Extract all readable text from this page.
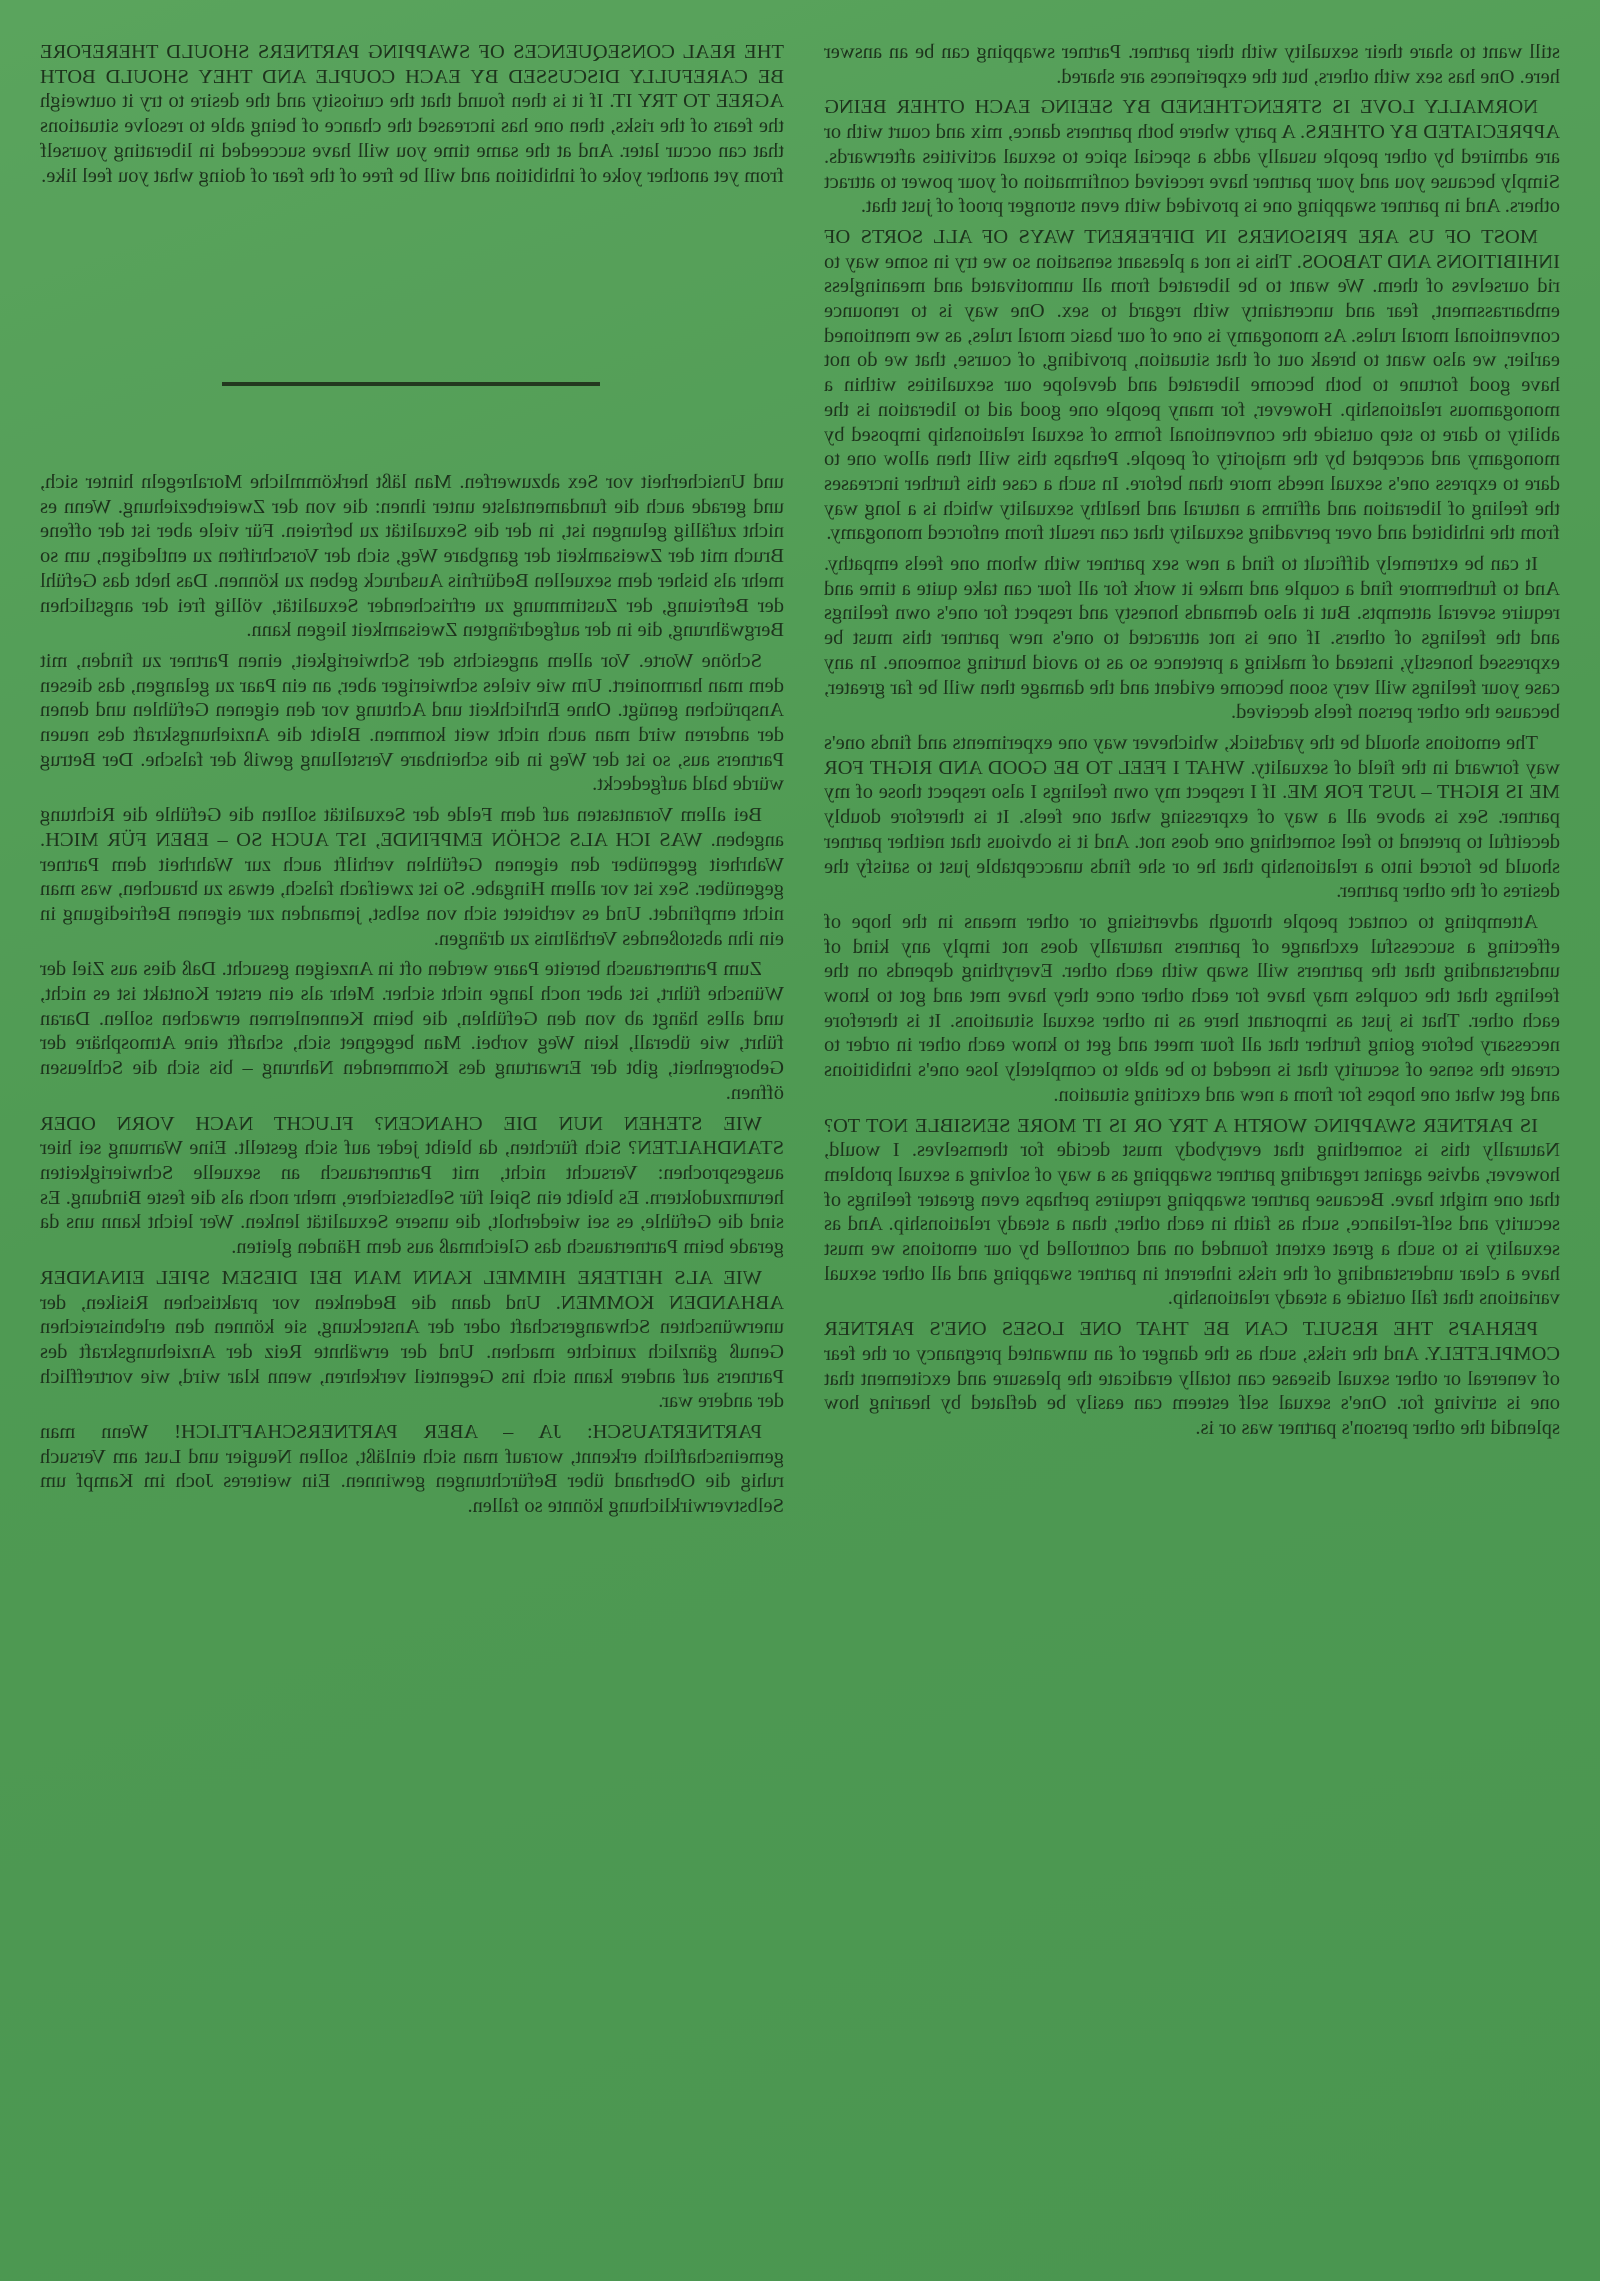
still want to share their sexuality with their partner. Partner swapping can be an answer here. One has sex with others, but the experiences are shared.

NORMALLY LOVE IS STRENGTHENED BY SEEING EACH OTHER BEING APPRECIATED BY OTHERS. A party where both partners dance, mix and court with or are admired by other people usually adds a special spice to sexual activities afterwards. Simply because you and your partner have received confirmation of your power to attract others. And in partner swapping one is provided with even stronger proof of just that.

MOST OF US ARE PRISONERS IN DIFFERENT WAYS OF ALL SORTS OF INHIBITIONS AND TABOOS. This is not a pleasant sensation so we try in some way to rid ourselves of them. We want to be liberated from all unmotivated and meaningless embarrassment, fear and uncertainty with regard to sex. One way is to renounce conventional moral rules. As monogamy is one of our basic moral rules, as we mentioned earlier, we also want to break out of that situation, providing, of course, that we do not have good fortune to both become liberated and develope our sexualities within a monogamous relationship. However, for many people one good aid to liberation is the ability to dare to step outside the conventional forms of sexual relationship imposed by monogamy and accepted by the majority of people. Perhaps this will then allow one to dare to express one's sexual needs more than before. In such a case this further increases the feeling of liberation and affirms a natural and healthy sexuality which is a long way from the inhibited and over pervading sexuality that can result from enforced monogamy.

It can be extremely difficult to find a new sex partner with whom one feels empathy. And to furthermore find a couple and make it work for all four can take quite a time and require several attempts. But it also demands honesty and respect for one's own feelings and the feelings of others. If one is not attracted to one's new partner this must be expressed honestly, instead of making a pretence so as to avoid hurting someone. In any case your feelings will very soon become evident and the damage then will be far greater, because the other person feels deceived.

The emotions should be the yardstick, whichever way one experiments and finds one's way forward in the field of sexuality. WHAT I FEEL TO BE GOOD AND RIGHT FOR ME IS RIGHT – JUST FOR ME. If I respect my own feelings I also respect those of my partner. Sex is above all a way of expressing what one feels. It is therefore doubly deceitful to pretend to feel something one does not. And it is obvious that neither partner should be forced into a relationship that he or she finds unacceptable just to satisfy the desires of the other partner.

Attempting to contact people through advertising or other means in the hope of effecting a successful exchange of partners naturally does not imply any kind of understanding that the partners will swap with each other. Everything depends on the feelings that the couples may have for each other once they have met and got to know each other. That is just as important here as in other sexual situations. It is therefore necessary before going further that all four meet and get to know each other in order to create the sense of security that is needed to be able to completely lose one's inhibitions and get what one hopes for from a new and exciting situation.

IS PARTNER SWAPPING WORTH A TRY OR IS IT MORE SENSIBLE NOT TO? Naturally this is something that everybody must decide for themselves. I would, however, advise against regarding partner swapping as a way of solving a sexual problem that one might have. Because partner swapping requires perhaps even greater feelings of security and self-reliance, such as faith in each other, than a steady relationship. And as sexuality is to such a great extent founded on and controlled by our emotions we must have a clear understanding of the risks inherent in partner swapping and all other sexual variations that fall outside a steady relationship.

PERHAPS THE RESULT CAN BE THAT ONE LOSES ONE'S PARTNER COMPLETELY. And the risks, such as the danger of an unwanted pregnancy or the fear of venereal or other sexual disease can totally eradicate the pleasure and excitement that one is striving for. One's sexual self esteem can easily be deflated by hearing how splendid the other person's partner was or is.

THE REAL CONSEQUENCES OF SWAPPING PARTNERS SHOULD THEREFORE BE CAREFULLY DISCUSSED BY EACH COUPLE AND THEY SHOULD BOTH AGREE TO TRY IT. If it is then found that the curiosity and the desire to try it outweigh the fears of the risks, then one has increased the chance of being able to resolve situations that can occur later. And at the same time you will have succeeded in liberating yourself from yet another yoke of inhibition and will be free of the fear of doing what you feel like.

und Unsicherheit vor Sex abzuwerfen. Man läßt herkömmliche Moralregeln hinter sich, und gerade auch die fundamentalste unter ihnen: die von der Zweierbeziehung. Wenn es nicht zufällig gelungen ist, in der die Sexualität zu befreien. Für viele aber ist der offene Bruch mit der Zweisamkeit der gangbare Weg, sich der Vorschriften zu entledigen, um so mehr als bisher dem sexuellen Bedürfnis Ausdruck geben zu können. Das hebt das Gefühl der Befreiung, der Zustimmung zu erfrischender Sexualität, völlig frei der angstlichen Bergwährung, die in der aufgedrängten Zweisamkeit liegen kann.

Schöne Worte. Vor allem angesichts der Schwierigkeit, einen Partner zu finden, mit dem man harmoniert. Um wie vieles schwieriger aber, an ein Paar zu gelangen, das diesen Ansprüchen genügt. Ohne Ehrlichkeit und Achtung vor den eigenen Gefühlen und denen der anderen wird man auch nicht weit kommen. Bleibt die Anziehungskraft des neuen Partners aus, so ist der Weg in die scheinbare Verstellung gewiß der falsche. Der Betrug würde bald aufgedeckt.

Bei allem Vorantasten auf dem Felde der Sexualität sollten die Gefühle die Richtung angeben. WAS ICH ALS SCHÖN EMPFINDE, IST AUCH SO – EBEN FÜR MICH. Wahrheit gegenüber den eigenen Gefühlen verhilft auch zur Wahrheit dem Partner gegenüber. Sex ist vor allem Hingabe. So ist zweifach falsch, etwas zu brauchen, was man nicht empfindet. Und es verbietet sich von selbst, jemanden zur eigenen Befriedigung in ein ihn abstoßendes Verhältnis zu drängen.

Zum Partnertausch bereite Paare werden oft in Anzeigen gesucht. Daß dies aus Ziel der Wünsche führt, ist aber noch lange nicht sicher. Mehr als ein erster Kontakt ist es nicht, und alles hängt ab von den Gefühlen, die beim Kennenlernen erwachen sollen. Daran führt, wie überall, kein Weg vorbei. Man begegnet sich, schafft eine Atmosphäre der Geborgenheit, gibt der Erwartung des Kommenden Nahrung – bis sich die Schleusen öffnen.

WIE STEHEN NUN DIE CHANCEN? FLUCHT NACH VORN ODER STANDHALTEN? Sich fürchten, da bleibt jeder auf sich gestellt. Eine Warnung sei hier ausgesprochen: Versucht nicht, mit Partnertausch an sexuelle Schwierigkeiten herumzudoktern. Es bleibt ein Spiel für Selbstsichere, mehr noch als die feste Bindung. Es sind die Gefühle, es sei wiederholt, die unsere Sexualität lenken. Wer leicht kann uns da gerade beim Partnertausch das Gleichmaß aus dem Händen gleiten.

WIE ALS HEITERE HIMMEL KANN MAN BEI DIESEM SPIEL EINANDER ABHANDEN KOMMEN. Und dann die Bedenken vor praktischen Risiken, der unerwünschten Schwangerschaft oder der Ansteckung, sie können den erlebnisreichen Genuß gänzlich zunichte machen. Und der erwähnte Reiz der Anziehungskraft des Partners auf andere kann sich ins Gegenteil verkehren, wenn klar wird, wie vortrefflich der andere war.

PARTNERTAUSCH: JA – ABER PARTNERSCHAFTLICH! Wenn man gemeinschaftlich erkennt, worauf man sich einläßt, sollen Neugier und Lust am Versuch ruhig die Oberhand über Befürchtungen gewinnen. Ein weiteres Joch im Kampf um Selbstverwirklichung könnte so fallen.
